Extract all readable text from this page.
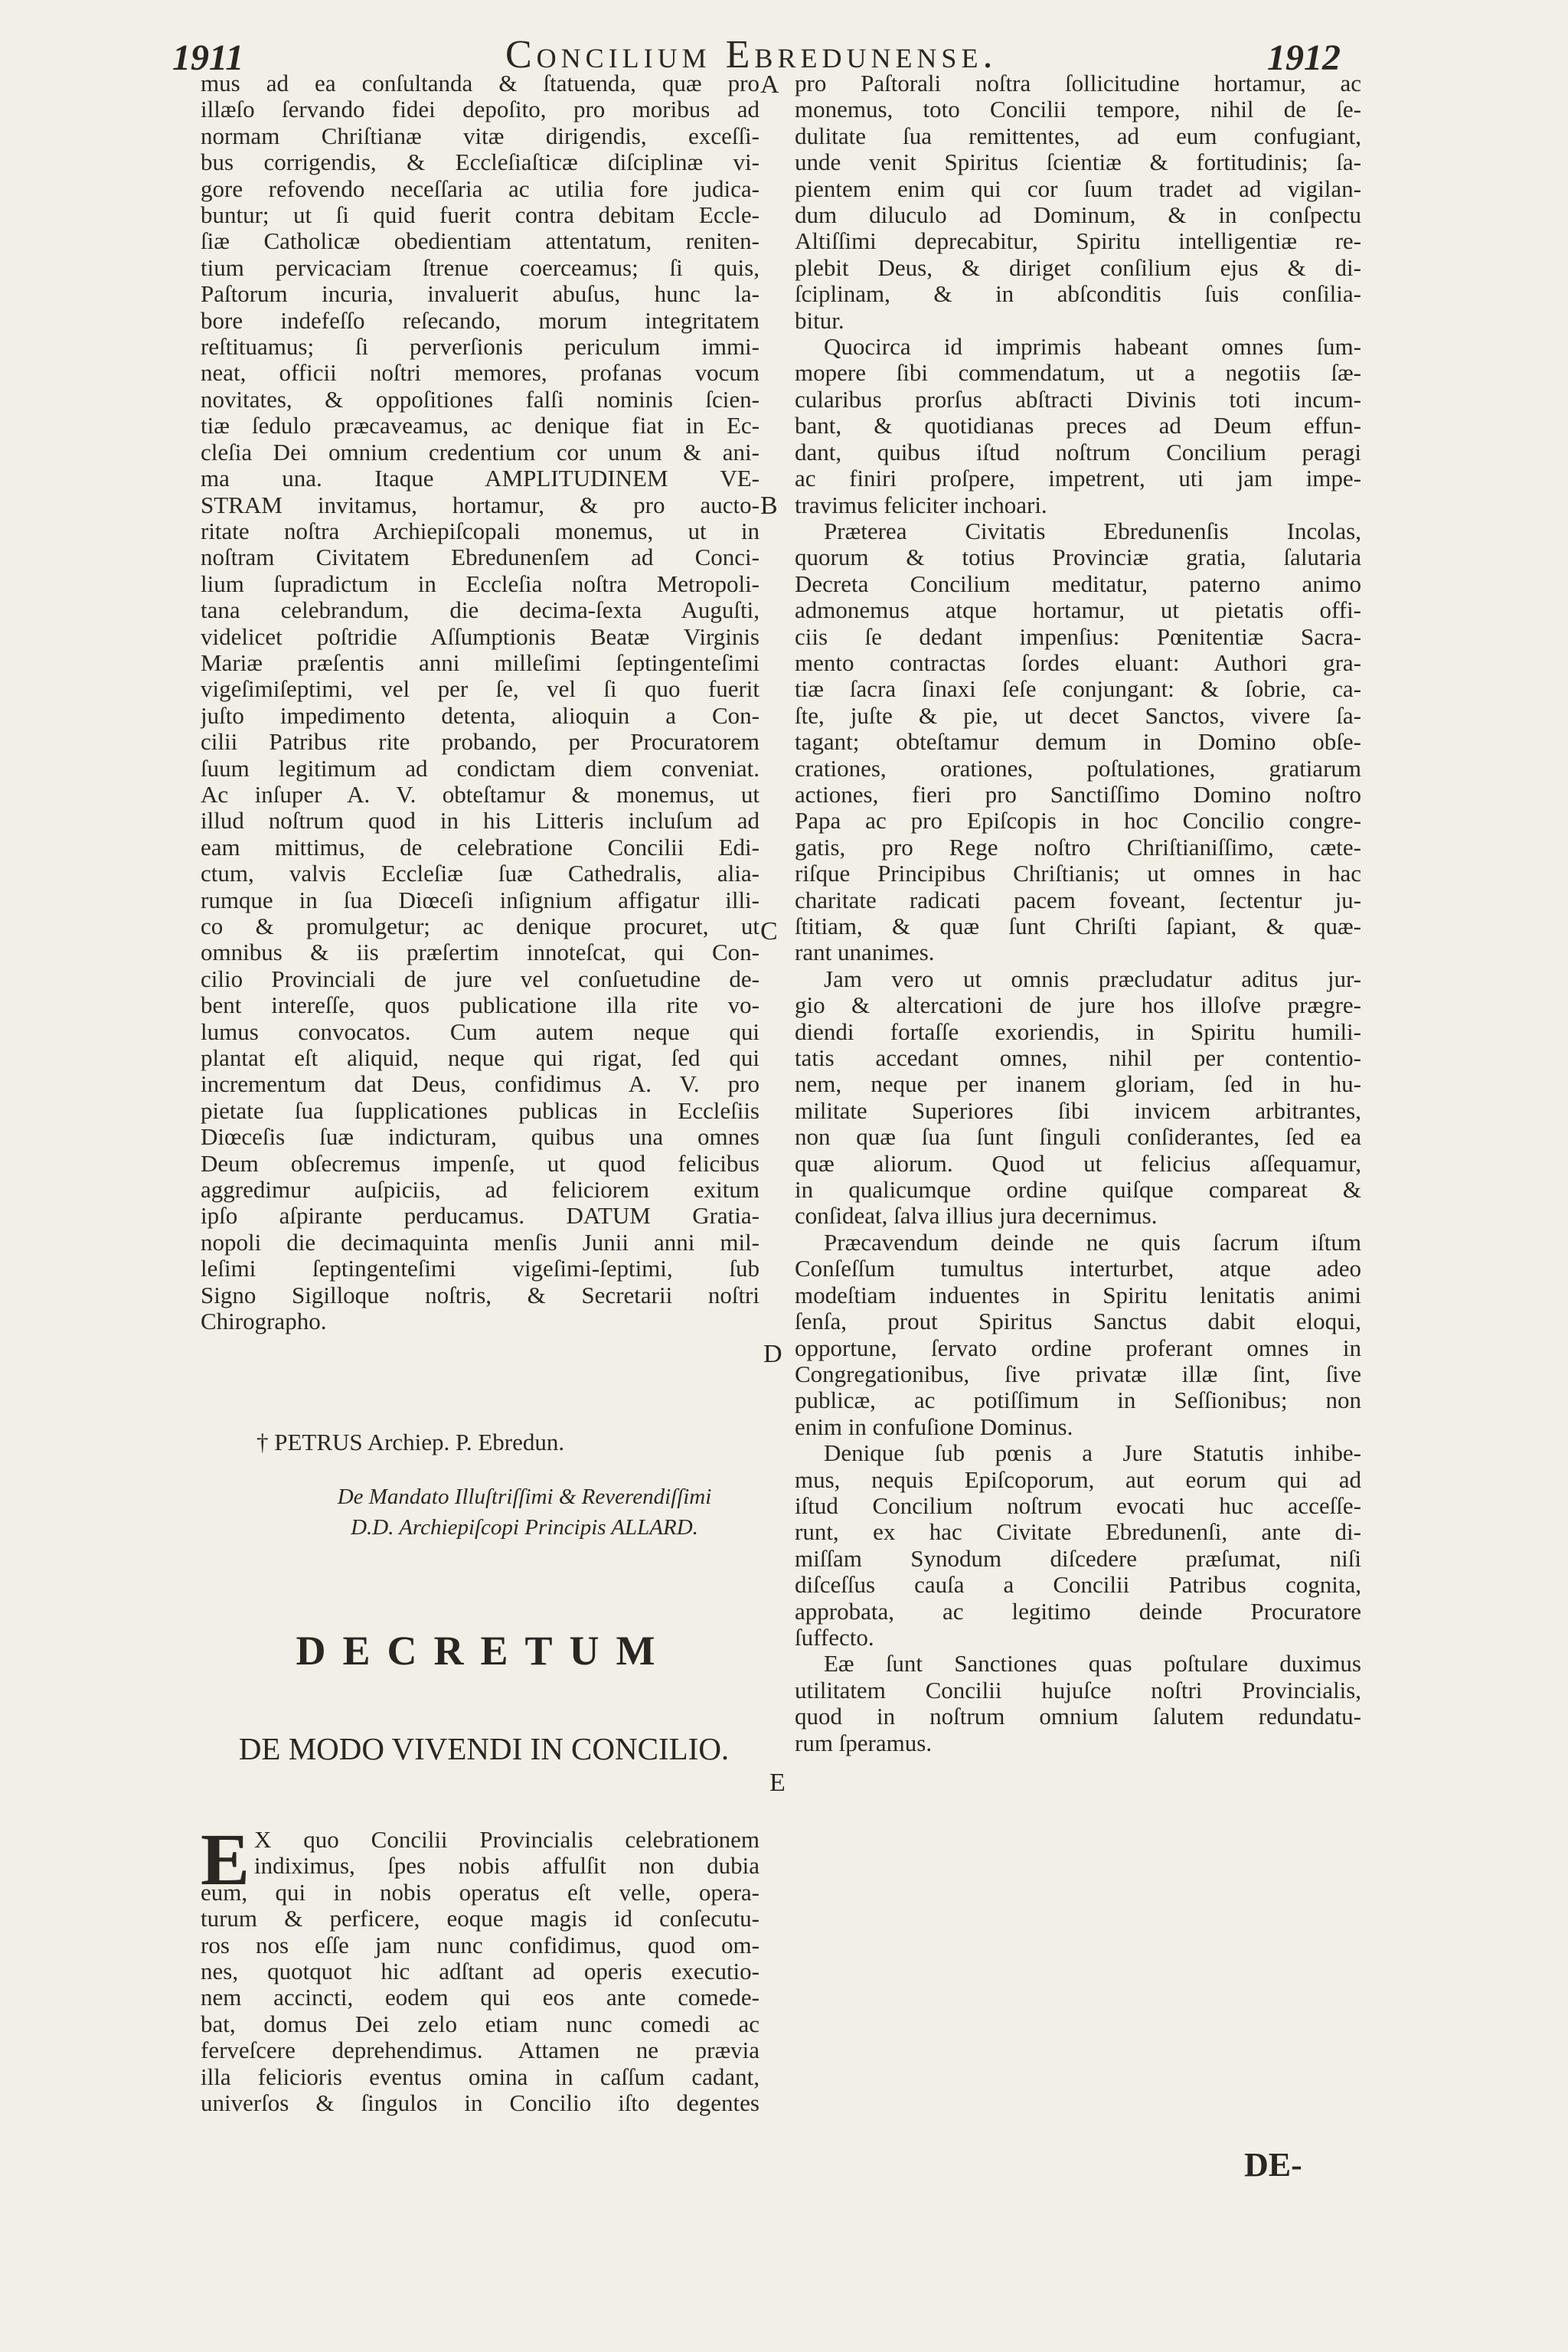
1911	Concilium Ebredunense.	1912
A
B
C
D
E
mus ad ea conſultanda & ſtatuenda, quæ pro
illæſo ſervando fidei depoſito, pro moribus ad
normam Chriſtianæ vitæ dirigendis, exceſſi-
bus corrigendis, & Eccleſiaſticæ diſciplinæ vi-
gore refovendo neceſſaria ac utilia fore judica-
buntur; ut ſi quid fuerit contra debitam Eccle-
ſiæ Catholicæ obedientiam attentatum, reniten-
tium pervicaciam ſtrenue coerceamus; ſi quis,
Paſtorum incuria, invaluerit abuſus, hunc la-
bore indefeſſo reſecando, morum integritatem
reſtituamus; ſi perverſionis periculum immi-
neat, officii noſtri memores, profanas vocum
novitates, & oppoſitiones falſi nominis ſcien-
tiæ ſedulo præcaveamus, ac denique fiat in Ec-
cleſia Dei omnium credentium cor unum & ani-
ma una. Itaque AMPLITUDINEM VE-
STRAM invitamus, hortamur, & pro aucto-
ritate noſtra Archiepiſcopali monemus, ut in
noſtram Civitatem Ebredunenſem ad Conci-
lium ſupradictum in Eccleſia noſtra Metropoli-
tana celebrandum, die decima-ſexta Auguſti,
videlicet poſtridie Aſſumptionis Beatæ Virginis
Mariæ præſentis anni milleſimi ſeptingenteſimi
vigeſimiſeptimi, vel per ſe, vel ſi quo fuerit
juſto impedimento detenta, alioquin a Con-
cilii Patribus rite probando, per Procuratorem
ſuum legitimum ad condictam diem conveniat.
Ac inſuper A. V. obteſtamur & monemus, ut
illud noſtrum quod in his Litteris incluſum ad
eam mittimus, de celebratione Concilii Edi-
ctum, valvis Eccleſiæ ſuæ Cathedralis, alia-
rumque in ſua Diœceſi inſignium affigatur illi-
co & promulgetur; ac denique procuret, ut
omnibus & iis præſertim innoteſcat, qui Con-
cilio Provinciali de jure vel conſuetudine de-
bent intereſſe, quos publicatione illa rite vo-
lumus convocatos. Cum autem neque qui
plantat eſt aliquid, neque qui rigat, ſed qui
incrementum dat Deus, confidimus A. V. pro
pietate ſua ſupplicationes publicas in Eccleſiis
Diœceſis ſuæ indicturam, quibus una omnes
Deum obſecremus impenſe, ut quod felicibus
aggredimur auſpiciis, ad feliciorem exitum
ipſo aſpirante perducamus. DATUM Gratia-
nopoli die decimaquinta menſis Junii anni mil-
leſimi ſeptingenteſimi vigeſimi-ſeptimi, ſub
Signo Sigilloque noſtris, & Secretarii noſtri
Chirographo.
† PETRUS Archiep. P. Ebredun.
De Mandato Illuſtriſſimi & Reverendiſſimi
D.D. Archiepiſcopi Principis ALLARD.
DECRETUM
DE MODO VIVENDI IN CONCILIO.
E X quo Concilii Provincialis celebrationem
indiximus, ſpes nobis affulſit non dubia
eum, qui in nobis operatus eſt velle, opera-
turum & perficere, eoque magis id conſecutu-
ros nos eſſe jam nunc confidimus, quod om-
nes, quotquot hic adſtant ad operis executio-
nem accincti, eodem qui eos ante comede-
bat, domus Dei zelo etiam nunc comedi ac
ferveſcere deprehendimus. Attamen ne prævia
illa felicioris eventus omina in caſſum cadant,
univerſos & ſingulos in Concilio iſto degentes

pro Paſtorali noſtra ſollicitudine hortamur, ac
monemus, toto Concilii tempore, nihil de ſe-
dulitate ſua remittentes, ad eum confugiant,
unde venit Spiritus ſcientiæ & fortitudinis; ſa-
pientem enim qui cor ſuum tradet ad vigilan-
dum diluculo ad Dominum, & in conſpectu
Altiſſimi deprecabitur, Spiritu intelligentiæ re-
plebit Deus, & diriget conſilium ejus & di-
ſciplinam, & in abſconditis ſuis conſilia-
bitur.

Quocirca id imprimis habeant omnes ſum-
mopere ſibi commendatum, ut a negotiis ſæ-
cularibus prorſus abſtracti Divinis toti incum-
bant, & quotidianas preces ad Deum effun-
dant, quibus iſtud noſtrum Concilium peragi
ac finiri proſpere, impetrent, uti jam impe-
travimus feliciter inchoari.

Præterea Civitatis Ebredunenſis Incolas,
quorum & totius Provinciæ gratia, ſalutaria
Decreta Concilium meditatur, paterno animo
admonemus atque hortamur, ut pietatis offi-
ciis ſe dedant impenſius: Pœnitentiæ Sacra-
mento contractas ſordes eluant: Authori gra-
tiæ ſacra ſinaxi ſeſe conjungant: & ſobrie, ca-
ſte, juſte & pie, ut decet Sanctos, vivere ſa-
tagant; obteſtamur demum in Domino obſe-
crationes, orationes, poſtulationes, gratiarum
actiones, fieri pro Sanctiſſimo Domino noſtro
Papa ac pro Epiſcopis in hoc Concilio congre-
gatis, pro Rege noſtro Chriſtianiſſimo, cæte-
riſque Principibus Chriſtianis; ut omnes in hac
charitate radicati pacem foveant, ſectentur ju-
ſtitiam, & quæ ſunt Chriſti ſapiant, & quæ-
rant unanimes.

Jam vero ut omnis præcludatur aditus jur-
gio & altercationi de jure hos illoſve prægre-
diendi fortaſſe exoriendis, in Spiritu humili-
tatis accedant omnes, nihil per contentio-
nem, neque per inanem gloriam, ſed in hu-
militate Superiores ſibi invicem arbitrantes,
non quæ ſua ſunt ſinguli conſiderantes, ſed ea
quæ aliorum. Quod ut felicius aſſequamur,
in qualicumque ordine quiſque compareat &
conſideat, ſalva illius jura decernimus.

Præcavendum deinde ne quis ſacrum iſtum
Conſeſſum tumultus interturbet, atque adeo
modeſtiam induentes in Spiritu lenitatis animi
ſenſa, prout Spiritus Sanctus dabit eloqui,
opportune, ſervato ordine proferant omnes in
Congregationibus, ſive privatæ illæ ſint, ſive
publicæ, ac potiſſimum in Seſſionibus; non
enim in confuſione Dominus.

Denique ſub pœnis a Jure Statutis inhibe-
mus, nequis Epiſcoporum, aut eorum qui ad
iſtud Concilium noſtrum evocati huc acceſſe-
runt, ex hac Civitate Ebredunenſi, ante di-
miſſam Synodum diſcedere præſumat, niſi
diſceſſus cauſa a Concilii Patribus cognita,
approbata, ac legitimo deinde Procuratore
ſuffecto.

Eæ ſunt Sanctiones quas poſtulare duximus
utilitatem Concilii hujuſce noſtri Provincialis,
quod in noſtrum omnium ſalutem redundatu-
rum ſperamus.

DE-
